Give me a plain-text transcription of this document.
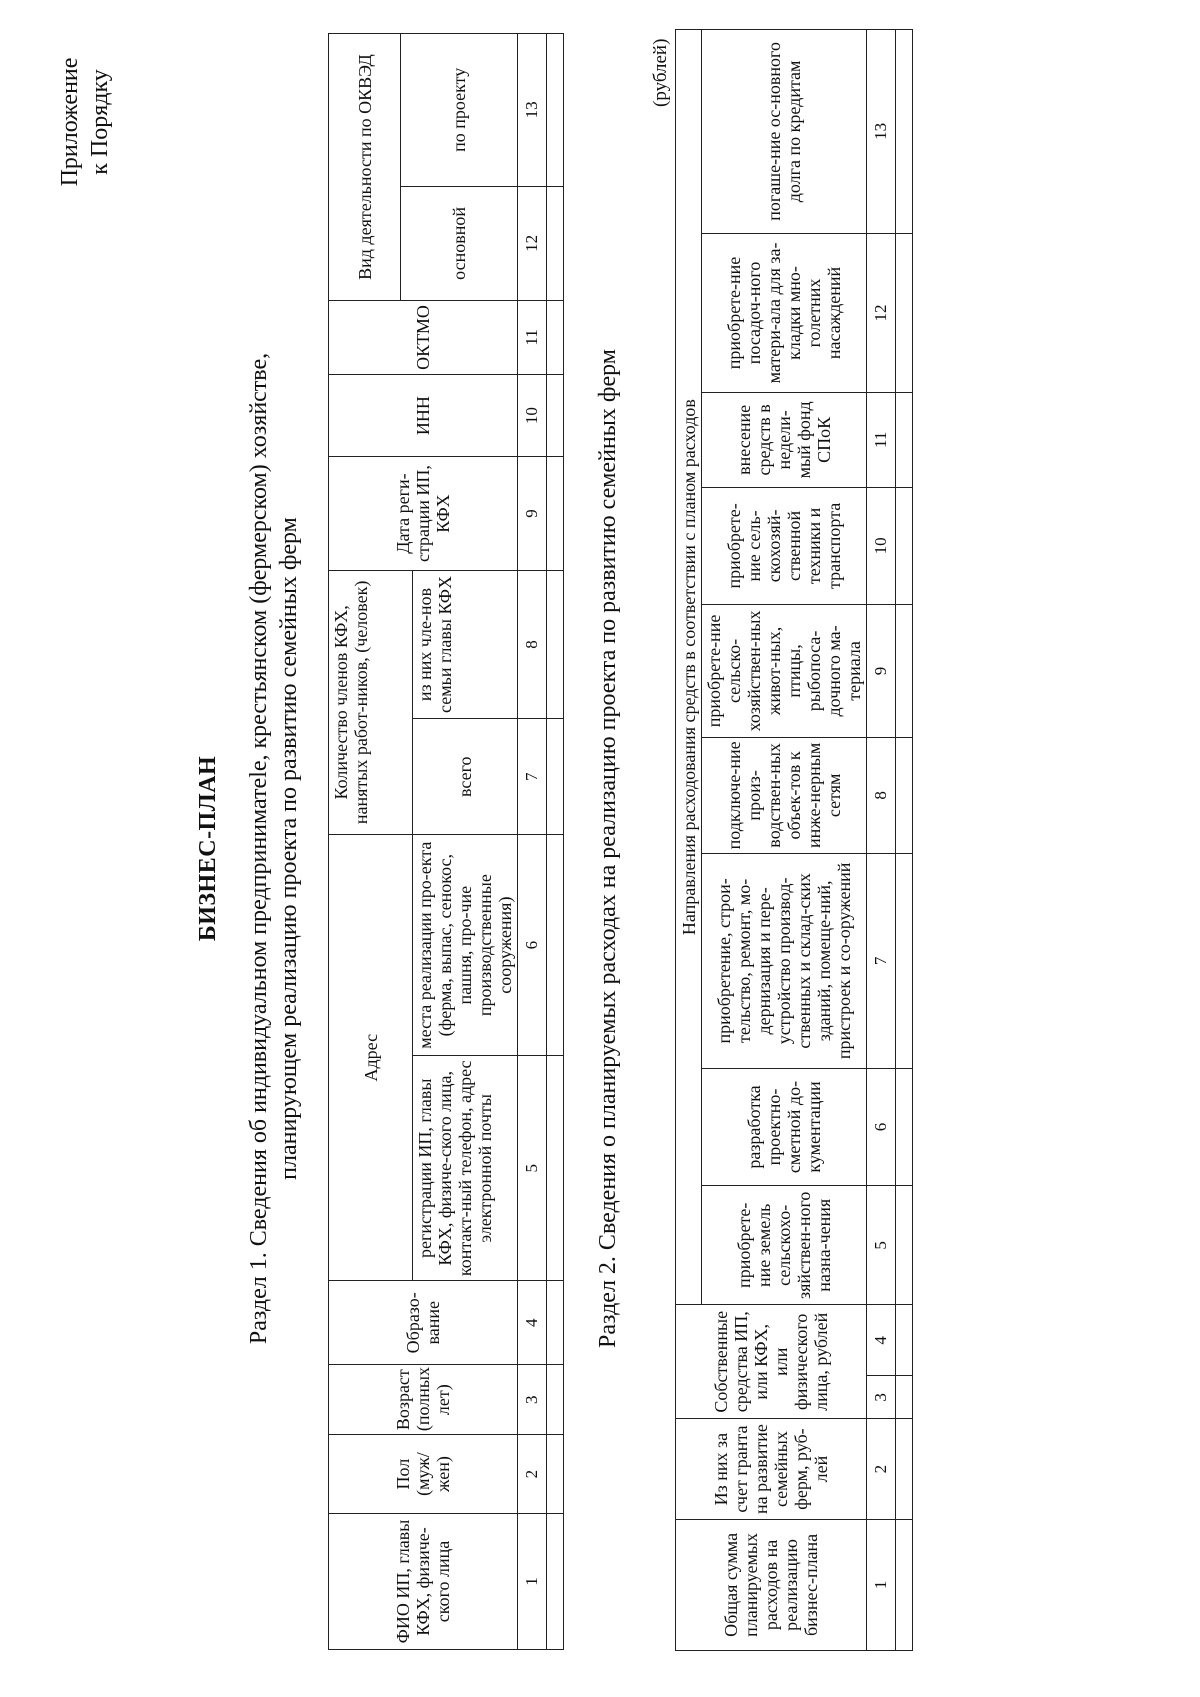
Приложение к Порядку
БИЗНЕС-ПЛАН Раздел 1. Сведения об индивидуальном предприниматele, крестьянском (фермерском) хозяйстве, планирующем реализацию проекта по развитию семейных ферм
ФИО ИП, главы КФХ, физиче-ского лица	Пол (муж/жен)	Возраст (полных лет)	Образо-вание	Адрес		Количество членов КФХ, нанятых работ-ников, (человек)		Дата реги-страции ИП, КФХ	ИНН	ОКТМО	Вид деятельности по ОКВЭД	
											основной	по проекту
				регистрации ИП, главы КФХ, физиче-ского лица, контакт-ный телефон, адрес электронной почты	места реализации про-екта (ферма, выпас, сенокос, пашня, про-чие производственные сооружения)	всего	из них чле-нов семьи главы КФХ					
1	2	3	4	5	6	7	8	9	10	11	12	13

Раздел 2. Сведения о планируемых расходах на реализацию проекта по развитию семейных ферм
(рублей)
Общая сумма планируемых расходов на реализацию бизнес-плана	Из них за счет гранта на развитие семейных ферм, руб-лей	Собственные средства ИП, или КФХ, или физического лица, рублей		Направления расходования средств в соответствии с планом расходов								
				приобрете-ние земель сельскохо-зяйствен-ного назна-чения	разработка проектно-сметной до-кументации	приобретение, строи-тельство, ремонт, мо-дернизация и пере-устройство производ-ственных и склад-ских зданий, помеще-ний, пристроек и со-оружений	подключе-ние произ-водствен-ных объек-тов к инже-нерным сетям	приобрете-ние сельско-хозяйствен-ных живот-ных, птицы, рыбопоса-дочного ма-териала	приобрете-ние сель-скохозяй-ственной техники и транспорта	внесение средств в недели-мый фонд СПоК	приобрете-ние посадоч-ного матери-ала для за-кладки мно-голетних насаждений	погаше-ние ос-новного долга по кредитам

1	2	3	4	5	6	7	8	9	10	11	12	13
